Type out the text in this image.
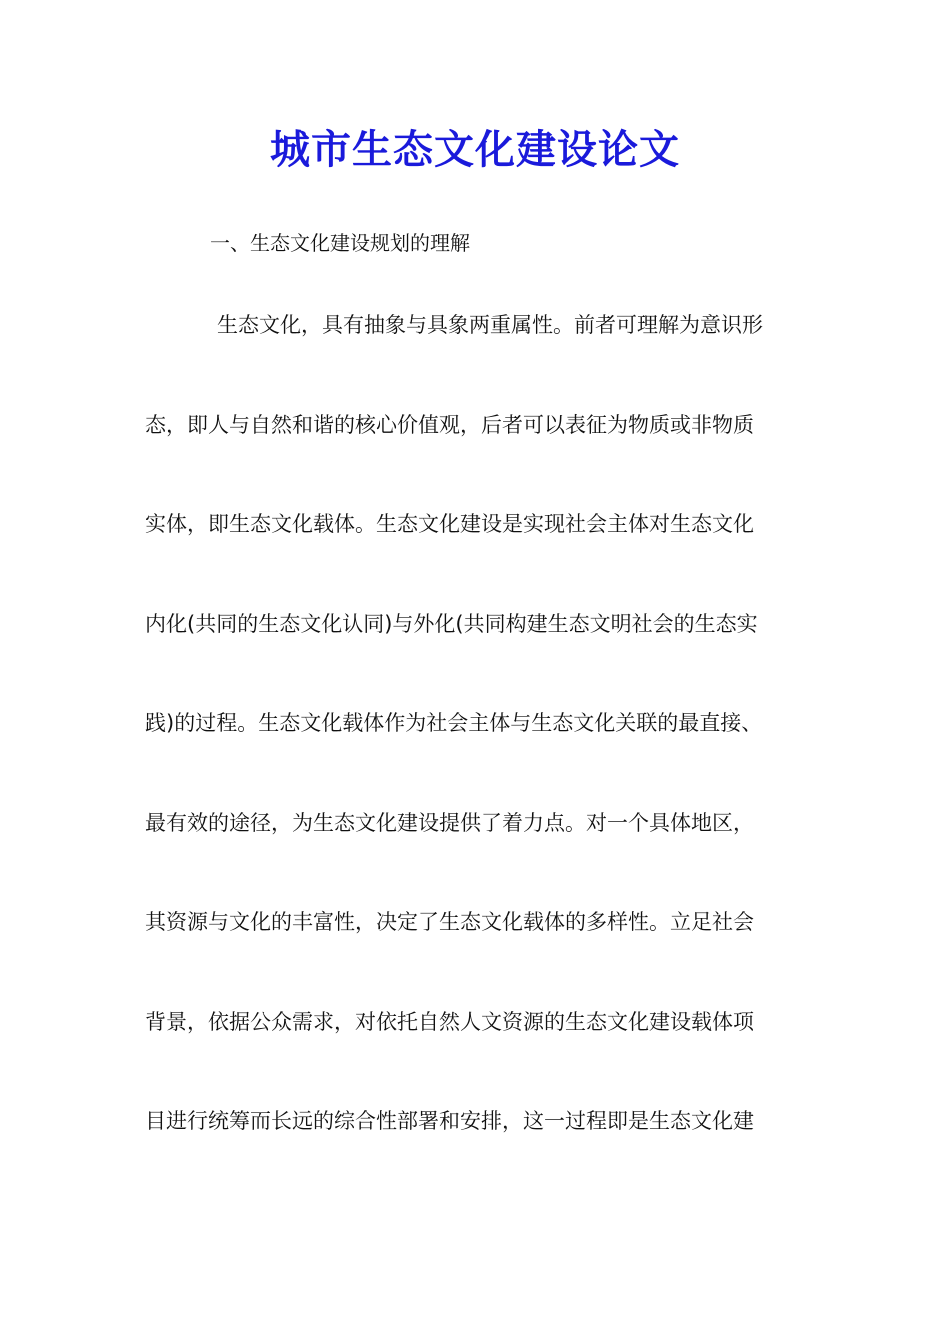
城市生态文化建设论文
一、生态文化建设规划的理解
生态文化，具有抽象与具象两重属性。前者可理解为意识形
态，即人与自然和谐的核心价值观，后者可以表征为物质或非物质
实体，即生态文化载体。生态文化建设是实现社会主体对生态文化
内化(共同的生态文化认同)与外化(共同构建生态文明社会的生态实
践)的过程。生态文化载体作为社会主体与生态文化关联的最直接、
最有效的途径，为生态文化建设提供了着力点。对一个具体地区，
其资源与文化的丰富性，决定了生态文化载体的多样性。立足社会
背景，依据公众需求，对依托自然人文资源的生态文化建设载体项
目进行统筹而长远的综合性部署和安排，这一过程即是生态文化建
